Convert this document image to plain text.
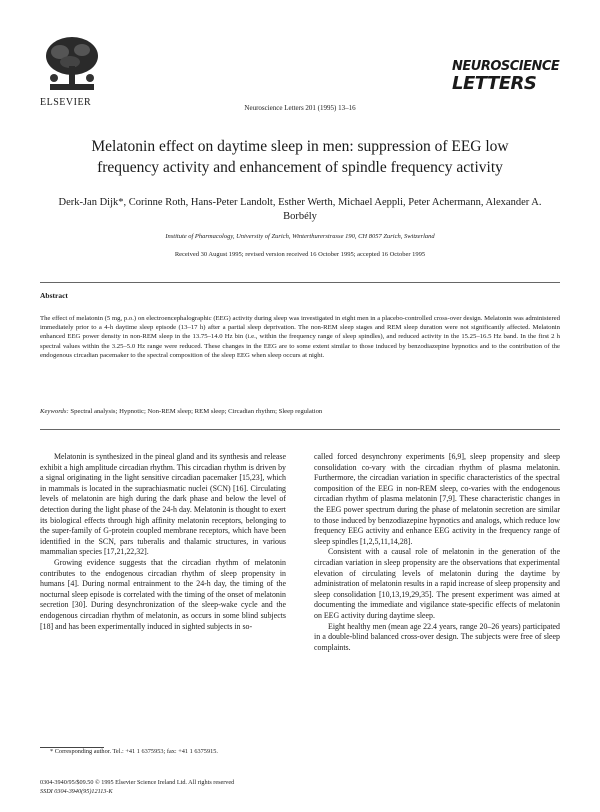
ELSEVIER	Neuroscience Letters 201 (1995) 13–16
NEUROSCIENCE
LETTERS
Melatonin effect on daytime sleep in men: suppression of EEG low frequency activity and enhancement of spindle frequency activity
Derk-Jan Dijk*, Corinne Roth, Hans-Peter Landolt, Esther Werth, Michael Aeppli, Peter Achermann, Alexander A. Borbély
Institute of Pharmacology, University of Zurich, Winterthurerstrasse 190, CH 8057 Zurich, Switzerland
Received 30 August 1995; revised version received 16 October 1995; accepted 16 October 1995
Abstract
The effect of melatonin (5 mg, p.o.) on electroencephalographic (EEG) activity during sleep was investigated in eight men in a placebo-controlled cross-over design. Melatonin was administered immediately prior to a 4-h daytime sleep episode (13–17 h) after a partial sleep deprivation. The non-REM sleep stages and REM sleep duration were not significantly affected. Melatonin enhanced EEG power density in non-REM sleep in the 13.75–14.0 Hz bin (i.e., within the frequency range of sleep spindles), and reduced activity in the 15.25–16.5 Hz band. In the first 2 h spectral values within the 3.25–5.0 Hz range were reduced. These changes in the EEG are to some extent similar to those induced by benzodiazepine hypnotics and to the contribution of the endogenous circadian pacemaker to the spectral composition of the sleep EEG when sleep occurs at night.
Keywords: Spectral analysis; Hypnotic; Non-REM sleep; REM sleep; Circadian rhythm; Sleep regulation

Melatonin is synthesized in the pineal gland and its synthesis and release exhibit a high amplitude circadian rhythm. This circadian rhythm is driven by a signal originating in the light sensitive circadian pacemaker [15,23], which in mammals is located in the suprachiasmatic nuclei (SCN) [16]. Circulating levels of melatonin are high during the dark phase and below the level of detection during the light phase of the 24-h day. Melatonin is thought to exert its biological effects through high affinity melatonin receptors, belonging to the super-family of G-protein coupled membrane receptors, which have been identified in the SCN, pars tuberalis and thalamic structures, in various mammalian species [17,21,22,32].

Growing evidence suggests that the circadian rhythm of melatonin contributes to the endogenous circadian rhythm of sleep propensity in humans [4]. During normal entrainment to the 24-h day, the timing of the nocturnal sleep episode is correlated with the timing of the onset of melatonin secretion [30]. During desynchronization of the sleep-wake cycle and the endogenous circadian rhythm of melatonin, as occurs in some blind subjects [18] and has been experimentally induced in sighted subjects in so-

called forced desynchrony experiments [6,9], sleep propensity and sleep consolidation co-vary with the circadian rhythm of plasma melatonin. Furthermore, the circadian variation in specific characteristics of the spectral composition of the EEG in non-REM sleep, co-varies with the endogenous circadian rhythm of plasma melatonin [7,9]. These characteristic changes in the EEG power spectrum during the phase of melatonin secretion are similar to those induced by benzodiazepine hypnotics and analogs, which reduce low frequency EEG activity and enhance EEG activity in the frequency range of sleep spindles [1,2,5,11,14,28].

Consistent with a causal role of melatonin in the generation of the circadian variation in sleep propensity are the observations that experimental elevation of circulating levels of melatonin during the daytime by administration of melatonin results in a rapid increase of sleep propensity and sleep consolidation [10,13,19,29,35]. The present experiment was aimed at documenting the immediate and vigilance state-specific effects of melatonin on EEG activity during daytime sleep.

Eight healthy men (mean age 22.4 years, range 20–26 years) participated in a double-blind balanced cross-over design. The subjects were free of sleep complaints.

* Corresponding author. Tel.: +41 1 6375953; fax: +41 1 6375915.
0304-3940/95/$09.50 © 1995 Elsevier Science Ireland Ltd. All rights reserved
SSDI 0304-3940(95)12113-K
